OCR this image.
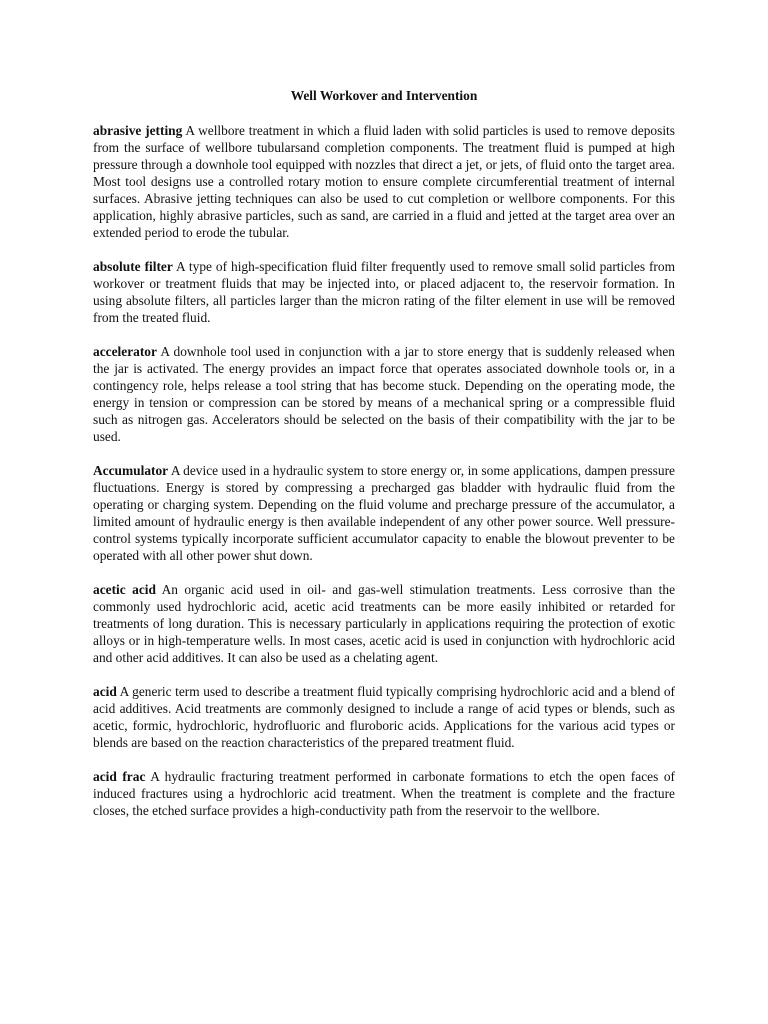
Well Workover and Intervention

abrasive jetting A wellbore treatment in which a fluid laden with solid particles is used to remove deposits from the surface of wellbore tubularsand completion components. The treatment fluid is pumped at high pressure through a downhole tool equipped with nozzles that direct a jet, or jets, of fluid onto the target area. Most tool designs use a controlled rotary motion to ensure complete circumferential treatment of internal surfaces. Abrasive jetting techniques can also be used to cut completion or wellbore components. For this application, highly abrasive particles, such as sand, are carried in a fluid and jetted at the target area over an extended period to erode the tubular.

absolute filter A type of high-specification fluid filter frequently used to remove small solid particles from workover or treatment fluids that may be injected into, or placed adjacent to, the reservoir formation. In using absolute filters, all particles larger than the micron rating of the filter element in use will be removed from the treated fluid.

accelerator A downhole tool used in conjunction with a jar to store energy that is suddenly released when the jar is activated. The energy provides an impact force that operates associated downhole tools or, in a contingency role, helps release a tool string that has become stuck. Depending on the operating mode, the energy in tension or compression can be stored by means of a mechanical spring or a compressible fluid such as nitrogen gas. Accelerators should be selected on the basis of their compatibility with the jar to be used.

Accumulator A device used in a hydraulic system to store energy or, in some applications, dampen pressure fluctuations. Energy is stored by compressing a precharged gas bladder with hydraulic fluid from the operating or charging system. Depending on the fluid volume and precharge pressure of the accumulator, a limited amount of hydraulic energy is then available independent of any other power source. Well pressure-control systems typically incorporate sufficient accumulator capacity to enable the blowout preventer to be operated with all other power shut down.

acetic acid An organic acid used in oil- and gas-well stimulation treatments. Less corrosive than the commonly used hydrochloric acid, acetic acid treatments can be more easily inhibited or retarded for treatments of long duration. This is necessary particularly in applications requiring the protection of exotic alloys or in high-temperature wells. In most cases, acetic acid is used in conjunction with hydrochloric acid and other acid additives. It can also be used as a chelating agent.

acid A generic term used to describe a treatment fluid typically comprising hydrochloric acid and a blend of acid additives. Acid treatments are commonly designed to include a range of acid types or blends, such as acetic, formic, hydrochloric, hydrofluoric and fluroboric acids. Applications for the various acid types or blends are based on the reaction characteristics of the prepared treatment fluid.

acid frac A hydraulic fracturing treatment performed in carbonate formations to etch the open faces of induced fractures using a hydrochloric acid treatment. When the treatment is complete and the fracture closes, the etched surface provides a high-conductivity path from the reservoir to the wellbore.
